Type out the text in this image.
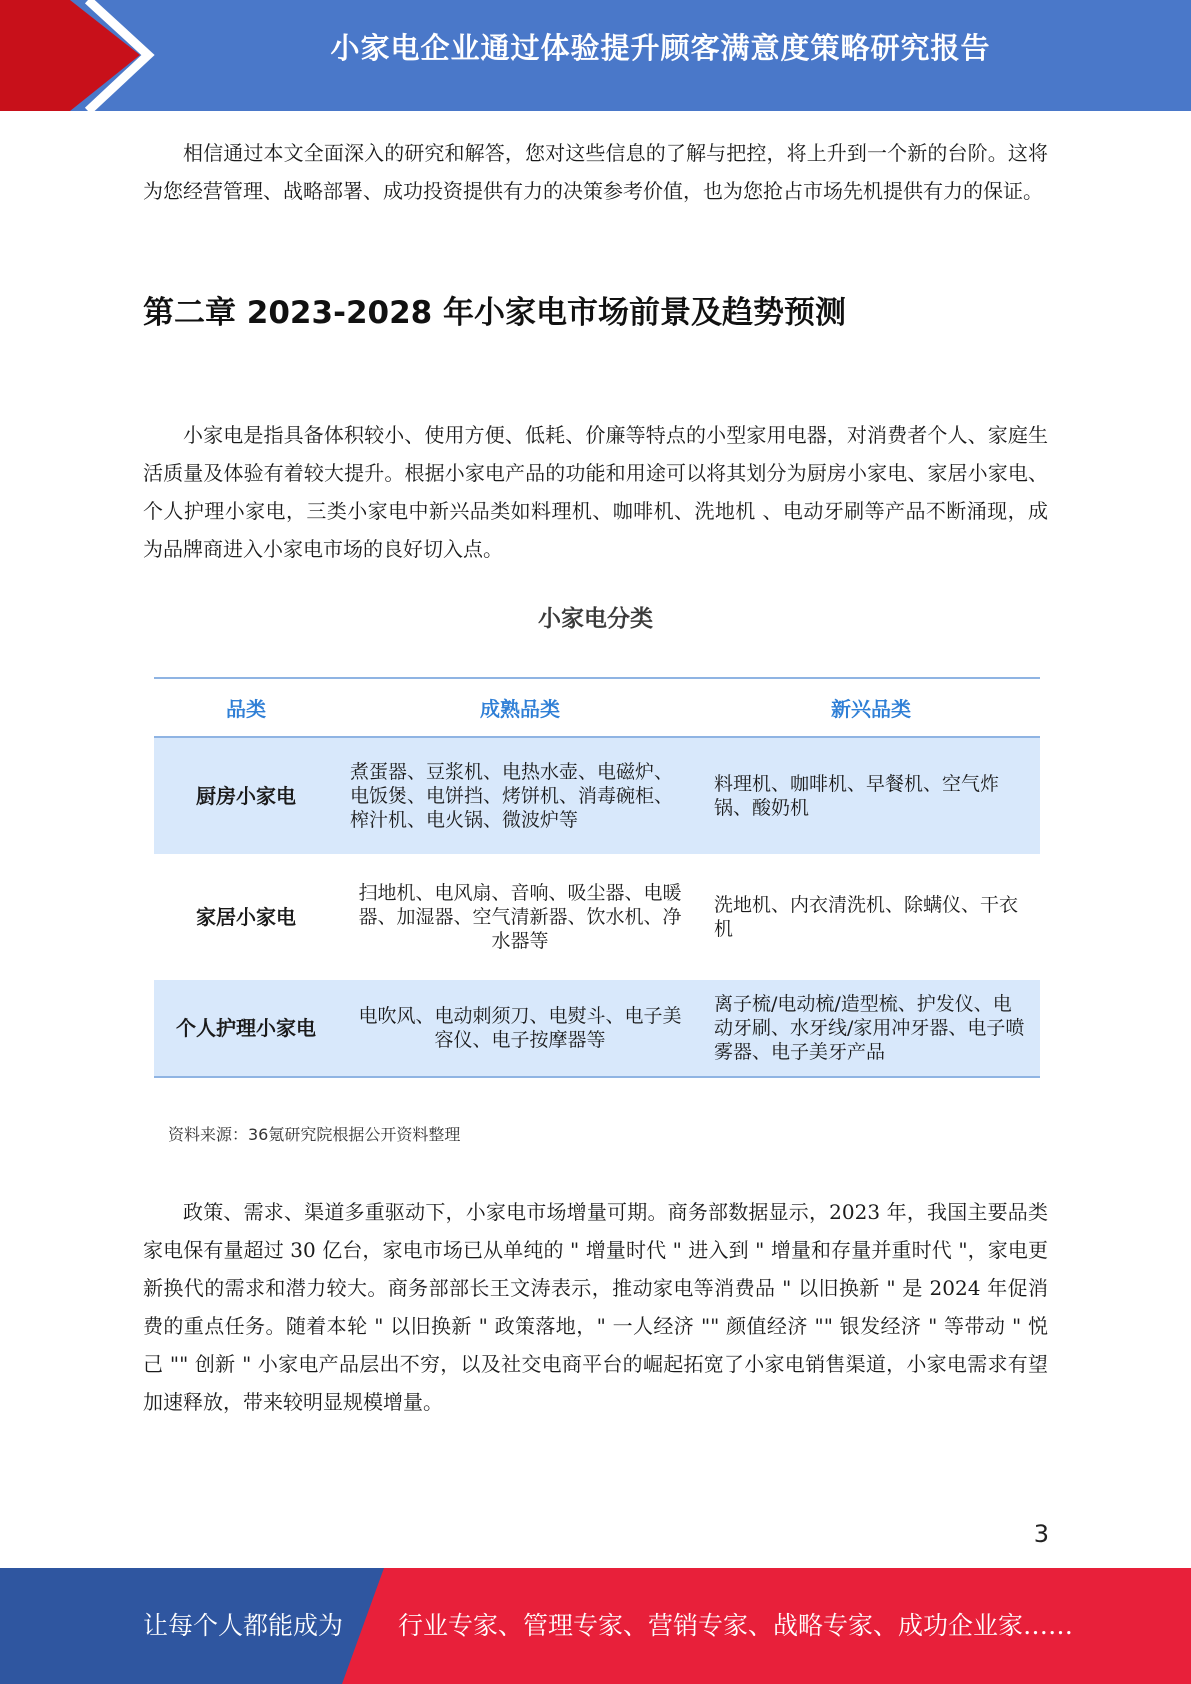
小家电企业通过体验提升顾客满意度策略研究报告

相信通过本文全面深入的研究和解答，您对这些信息的了解与把控，将上升到一个新的台阶。这将为您经营管理、战略部署、成功投资提供有力的决策参考价值，也为您抢占市场先机提供有力的保证。

第二章 2023-2028 年小家电市场前景及趋势预测

小家电是指具备体积较小、使用方便、低耗、价廉等特点的小型家用电器，对消费者个人、家庭生活质量及体验有着较大提升。根据小家电产品的功能和用途可以将其划分为厨房小家电、家居小家电、个人护理小家电，三类小家电中新兴品类如料理机、咖啡机、洗地机 、电动牙刷等产品不断涌现，成为品牌商进入小家电市场的良好切入点。

小家电分类
品类	成熟品类	新兴品类
厨房小家电	煮蛋器、豆浆机、电热水壶、电磁炉、电饭煲、电饼挡、烤饼机、消毒碗柜、榨汁机、电火锅、微波炉等	料理机、咖啡机、早餐机、空气炸锅、酸奶机
家居小家电	扫地机、电风扇、音响、吸尘器、电暖器、加湿器、空气清新器、饮水机、净水器等	洗地机、内衣清洗机、除螨仪、干衣机
个人护理小家电	电吹风、电动刺须刀、电熨斗、电子美容仪、电子按摩器等	离子梳/电动梳/造型梳、护发仪、电动牙刷、水牙线/家用冲牙器、电子喷雾器、电子美牙产品

资料来源：36氪研究院根据公开资料整理

政策、需求、渠道多重驱动下，小家电市场增量可期。商务部数据显示，2023 年，我国主要品类家电保有量超过 30 亿台，家电市场已从单纯的 " 增量时代 " 进入到 " 增量和存量并重时代 "，家电更新换代的需求和潜力较大。商务部部长王文涛表示，推动家电等消费品 " 以旧换新 " 是 2024 年促消费的重点任务。随着本轮 " 以旧换新 " 政策落地，" 一人经济 "" 颜值经济 "" 银发经济 " 等带动 " 悦己 "" 创新 " 小家电产品层出不穷，以及社交电商平台的崛起拓宽了小家电销售渠道，小家电需求有望加速释放，带来较明显规模增量。

3
让每个人都能成为 行业专家、管理专家、营销专家、战略专家、成功企业家……
